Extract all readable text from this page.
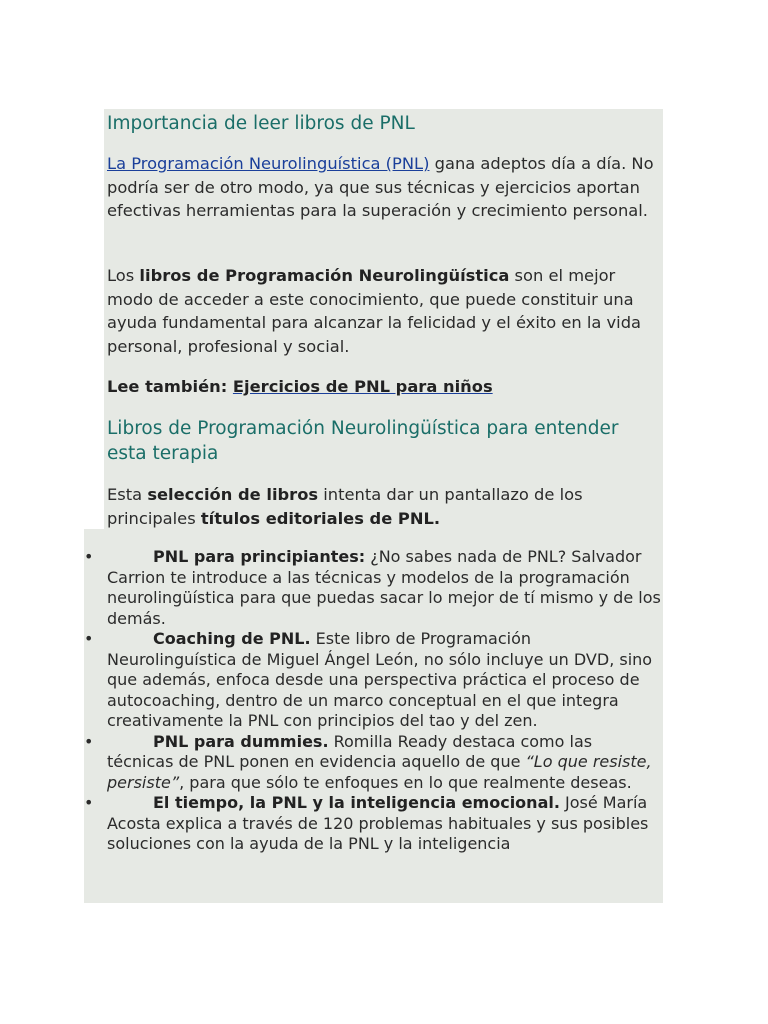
Importancia de leer libros de PNL

La Programación Neurolinguística (PNL) gana adeptos día a día. No podría ser de otro modo, ya que sus técnicas y ejercicios aportan efectivas herramientas para la superación y crecimiento personal.

Los libros de Programación Neurolingüística son el mejor modo de acceder a este conocimiento, que puede constituir una ayuda fundamental para alcanzar la felicidad y el éxito en la vida personal, profesional y social.

Lee también: Ejercicios de PNL para niños

Libros de Programación Neurolingüística para entender esta terapia

Esta selección de libros intenta dar un pantallazo de los principales títulos editoriales de PNL.

•	PNL para principiantes: ¿No sabes nada de PNL? Salvador Carrion te introduce a las técnicas y modelos de la programación neurolingüística para que puedas sacar lo mejor de tí mismo y de los demás.
•	Coaching de PNL. Este libro de Programación Neurolinguística de Miguel Ángel León, no sólo incluye un DVD, sino que además, enfoca desde una perspectiva práctica el proceso de autocoaching, dentro de un marco conceptual en el que integra creativamente la PNL con principios del tao y del zen.
•	PNL para dummies. Romilla Ready destaca como las técnicas de PNL ponen en evidencia aquello de que “Lo que resiste, persiste”, para que sólo te enfoques en lo que realmente deseas.
•	El tiempo, la PNL y la inteligencia emocional. José María Acosta explica a través de 120 problemas habituales y sus posibles soluciones con la ayuda de la PNL y la inteligencia
